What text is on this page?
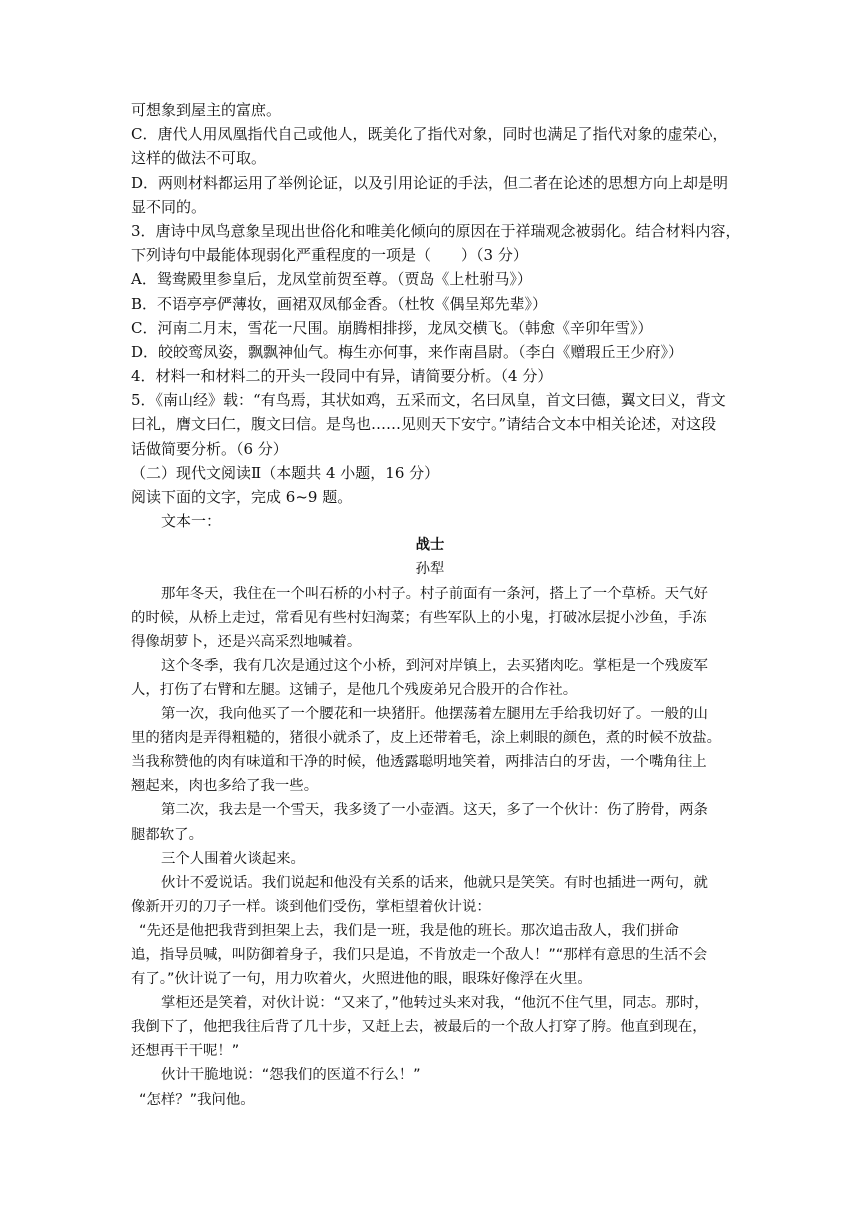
可想象到屋主的富庶。
C．唐代人用凤凰指代自己或他人，既美化了指代对象，同时也满足了指代对象的虚荣心，
这样的做法不可取。
D．两则材料都运用了举例论证，以及引用论证的手法，但二者在论述的思想方向上却是明
显不同的。
3．唐诗中凤鸟意象呈现出世俗化和唯美化倾向的原因在于祥瑞观念被弱化。结合材料内容，
下列诗句中最能体现弱化严重程度的一项是（　　）（3 分）
A．鸳鸯殿里参皇后，龙凤堂前贺至尊。（贾岛《上杜驸马》）
B．不语亭亭俨薄妆，画裙双凤郁金香。（杜牧《偶呈郑先辈》）
C．河南二月末，雪花一尺围。崩腾相排拶，龙凤交横飞。（韩愈《辛卯年雪》）
D．皎皎鸾凤姿，飘飘神仙气。梅生亦何事，来作南昌尉。（李白《赠瑕丘王少府》）
4．材料一和材料二的开头一段同中有异，请简要分析。（4 分）
5．《南山经》载：“有鸟焉，其状如鸡，五采而文，名曰凤皇，首文曰德，翼文曰义，背文
曰礼，膺文曰仁，腹文曰信。是鸟也……见则天下安宁。”请结合文本中相关论述，对这段
话做简要分析。（6 分）
（二）现代文阅读Ⅱ（本题共 4 小题，16 分）
阅读下面的文字，完成 6~9 题。
文本一：
战士
孙犁
那年冬天，我住在一个叫石桥的小村子。村子前面有一条河，搭上了一个草桥。天气好
的时候，从桥上走过，常看见有些村妇淘菜；有些军队上的小鬼，打破冰层捉小沙鱼，手冻
得像胡萝卜，还是兴高采烈地喊着。
这个冬季，我有几次是通过这个小桥，到河对岸镇上，去买猪肉吃。掌柜是一个残废军
人，打伤了右臂和左腿。这铺子，是他几个残废弟兄合股开的合作社。
第一次，我向他买了一个腰花和一块猪肝。他摆荡着左腿用左手给我切好了。一般的山
里的猪肉是弄得粗糙的，猪很小就杀了，皮上还带着毛，涂上刺眼的颜色，煮的时候不放盐。
当我称赞他的肉有味道和干净的时候，他透露聪明地笑着，两排洁白的牙齿，一个嘴角往上
翘起来，肉也多给了我一些。
第二次，我去是一个雪天，我多烫了一小壶酒。这天，多了一个伙计：伤了胯骨，两条
腿都软了。
三个人围着火谈起来。
伙计不爱说话。我们说起和他没有关系的话来，他就只是笑笑。有时也插进一两句，就
像新开刃的刀子一样。谈到他们受伤，掌柜望着伙计说：
“先还是他把我背到担架上去，我们是一班，我是他的班长。那次追击敌人，我们拼命
追，指导员喊，叫防御着身子，我们只是追，不肯放走一个敌人！”“那样有意思的生活不会
有了。”伙计说了一句，用力吹着火，火照进他的眼，眼珠好像浮在火里。
掌柜还是笑着，对伙计说：“又来了，”他转过头来对我，“他沉不住气里，同志。那时，
我倒下了，他把我往后背了几十步，又赶上去，被最后的一个敌人打穿了胯。他直到现在，
还想再干干呢！”
伙计干脆地说：“怨我们的医道不行么！”
“怎样？”我问他。
